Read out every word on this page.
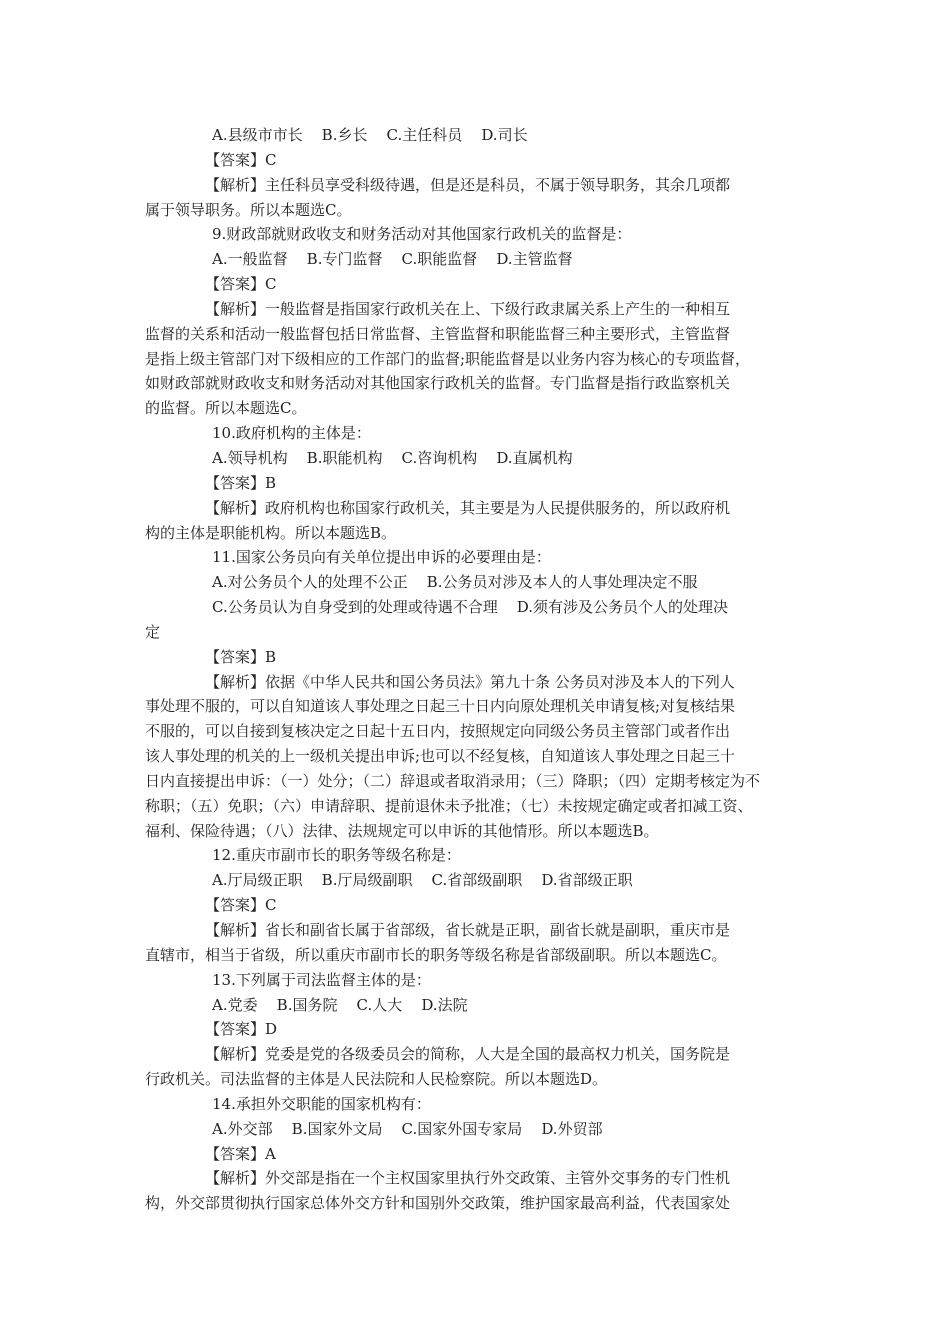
A.县级市市长    B.乡长    C.主任科员    D.司长
【答案】C
【解析】主任科员享受科级待遇，但是还是科员，不属于领导职务，其余几项都
属于领导职务。所以本题选C。
9.财政部就财政收支和财务活动对其他国家行政机关的监督是：
A.一般监督    B.专门监督    C.职能监督    D.主管监督
【答案】C
【解析】一般监督是指国家行政机关在上、下级行政隶属关系上产生的一种相互
监督的关系和活动一般监督包括日常监督、主管监督和职能监督三种主要形式，主管监督
是指上级主管部门对下级相应的工作部门的监督;职能监督是以业务内容为核心的专项监督，
如财政部就财政收支和财务活动对其他国家行政机关的监督。专门监督是指行政监察机关
的监督。所以本题选C。
10.政府机构的主体是：
A.领导机构    B.职能机构    C.咨询机构    D.直属机构
【答案】B
【解析】政府机构也称国家行政机关，其主要是为人民提供服务的，所以政府机
构的主体是职能机构。所以本题选B。
11.国家公务员向有关单位提出申诉的必要理由是：
A.对公务员个人的处理不公正    B.公务员对涉及本人的人事处理决定不服
C.公务员认为自身受到的处理或待遇不合理    D.须有涉及公务员个人的处理决
定
【答案】B
【解析】依据《中华人民共和国公务员法》第九十条 公务员对涉及本人的下列人
事处理不服的，可以自知道该人事处理之日起三十日内向原处理机关申请复核;对复核结果
不服的，可以自接到复核决定之日起十五日内，按照规定向同级公务员主管部门或者作出
该人事处理的机关的上一级机关提出申诉;也可以不经复核，自知道该人事处理之日起三十
日内直接提出申诉：（一）处分；（二）辞退或者取消录用；（三）降职；（四）定期考核定为不
称职；（五）免职；（六）申请辞职、提前退休未予批准；（七）未按规定确定或者扣减工资、
福利、保险待遇；（八）法律、法规规定可以申诉的其他情形。所以本题选B。
12.重庆市副市长的职务等级名称是：
A.厅局级正职    B.厅局级副职    C.省部级副职    D.省部级正职
【答案】C
【解析】省长和副省长属于省部级，省长就是正职，副省长就是副职，重庆市是
直辖市，相当于省级，所以重庆市副市长的职务等级名称是省部级副职。所以本题选C。
13.下列属于司法监督主体的是：
A.党委    B.国务院    C.人大    D.法院
【答案】D
【解析】党委是党的各级委员会的简称，人大是全国的最高权力机关，国务院是
行政机关。司法监督的主体是人民法院和人民检察院。所以本题选D。
14.承担外交职能的国家机构有：
A.外交部    B.国家外文局    C.国家外国专家局    D.外贸部
【答案】A
【解析】外交部是指在一个主权国家里执行外交政策、主管外交事务的专门性机
构，外交部贯彻执行国家总体外交方针和国别外交政策，维护国家最高利益，代表国家处
